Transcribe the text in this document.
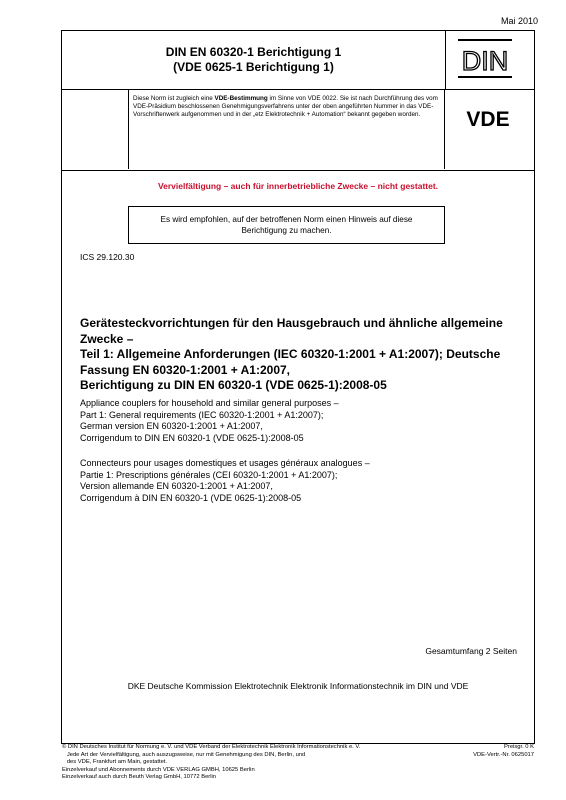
Mai 2010
DIN EN 60320-1 Berichtigung 1
(VDE 0625-1 Berichtigung 1)	DIN
Diese Norm ist zugleich eine VDE-Bestimmung im Sinne von VDE 0022. Sie ist nach Durchführung des vom VDE-Präsidium beschlossenen Genehmigungsverfahrens unter der oben angeführten Nummer in das VDE-Vorschriftenwerk aufgenommen und in der „etz Elektrotechnik + Automation“ bekannt gegeben worden.	VDE
Vervielfältigung – auch für innerbetriebliche Zwecke – nicht gestattet.
Es wird empfohlen, auf der betroffenen Norm einen Hinweis auf diese
Berichtigung zu machen.
ICS 29.120.30
Gerätesteckvorrichtungen für den Hausgebrauch und ähnliche allgemeine
Zwecke –
Teil 1: Allgemeine Anforderungen (IEC 60320-1:2001 + A1:2007); Deutsche
Fassung EN 60320-1:2001 + A1:2007,
Berichtigung zu DIN EN 60320-1 (VDE 0625-1):2008-05
Appliance couplers for household and similar general purposes –
Part 1: General requirements (IEC 60320-1:2001 + A1:2007);
German version EN 60320-1:2001 + A1:2007,
Corrigendum to DIN EN 60320-1 (VDE 0625-1):2008-05
Connecteurs pour usages domestiques et usages généraux analogues –
Partie 1: Prescriptions générales (CEI 60320-1:2001 + A1:2007);
Version allemande EN 60320-1:2001 + A1:2007,
Corrigendum à DIN EN 60320-1 (VDE 0625-1):2008-05
Gesamtumfang 2 Seiten
DKE Deutsche Kommission Elektrotechnik Elektronik Informationstechnik im DIN und VDE
© DIN Deutsches Institut für Normung e. V. und VDE Verband der Elektrotechnik Elektronik Informationstechnik e. V.
Jede Art der Vervielfältigung, auch auszugsweise, nur mit Genehmigung des DIN, Berlin, und
des VDE, Frankfurt am Main, gestattet.
Einzelverkauf und Abonnements durch VDE VERLAG GMBH, 10625 Berlin
Einzelverkauf auch durch Beuth Verlag GmbH, 10772 Berlin
Preisgr. 0 K
VDE-Vertr.-Nr. 0625017
